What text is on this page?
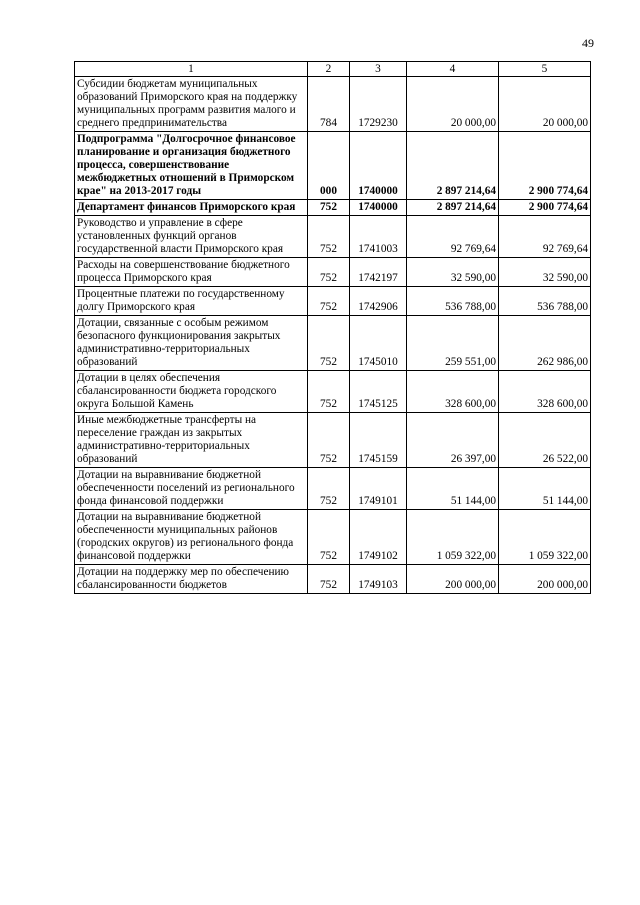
49
1	2	3	4	5
Субсидии бюджетам муниципальных образований Приморского края на поддержку муниципальных программ развития малого и среднего предпринимательства	784	1729230	20 000,00	20 000,00
Подпрограмма "Долгосрочное финансовое планирование и организация бюджетного процесса, совершенствование межбюджетных отношений в Приморском крае" на 2013-2017 годы	000	1740000	2 897 214,64	2 900 774,64
Департамент финансов Приморского края	752	1740000	2 897 214,64	2 900 774,64
Руководство и управление в сфере установленных функций органов государственной власти Приморского края	752	1741003	92 769,64	92 769,64
Расходы на совершенствование бюджетного процесса Приморского края	752	1742197	32 590,00	32 590,00
Процентные платежи по государственному долгу Приморского края	752	1742906	536 788,00	536 788,00
Дотации, связанные с особым режимом безопасного функционирования закрытых административно-территориальных образований	752	1745010	259 551,00	262 986,00
Дотации в целях обеспечения сбалансированности бюджета городского округа Большой Камень	752	1745125	328 600,00	328 600,00
Иные межбюджетные трансферты на переселение граждан из закрытых административно-территориальных образований	752	1745159	26 397,00	26 522,00
Дотации на выравнивание бюджетной обеспеченности поселений из регионального фонда финансовой поддержки	752	1749101	51 144,00	51 144,00
Дотации на выравнивание бюджетной обеспеченности муниципальных районов (городских округов) из регионального фонда финансовой поддержки	752	1749102	1 059 322,00	1 059 322,00
Дотации на поддержку мер по обеспечению сбалансированности бюджетов	752	1749103	200 000,00	200 000,00
